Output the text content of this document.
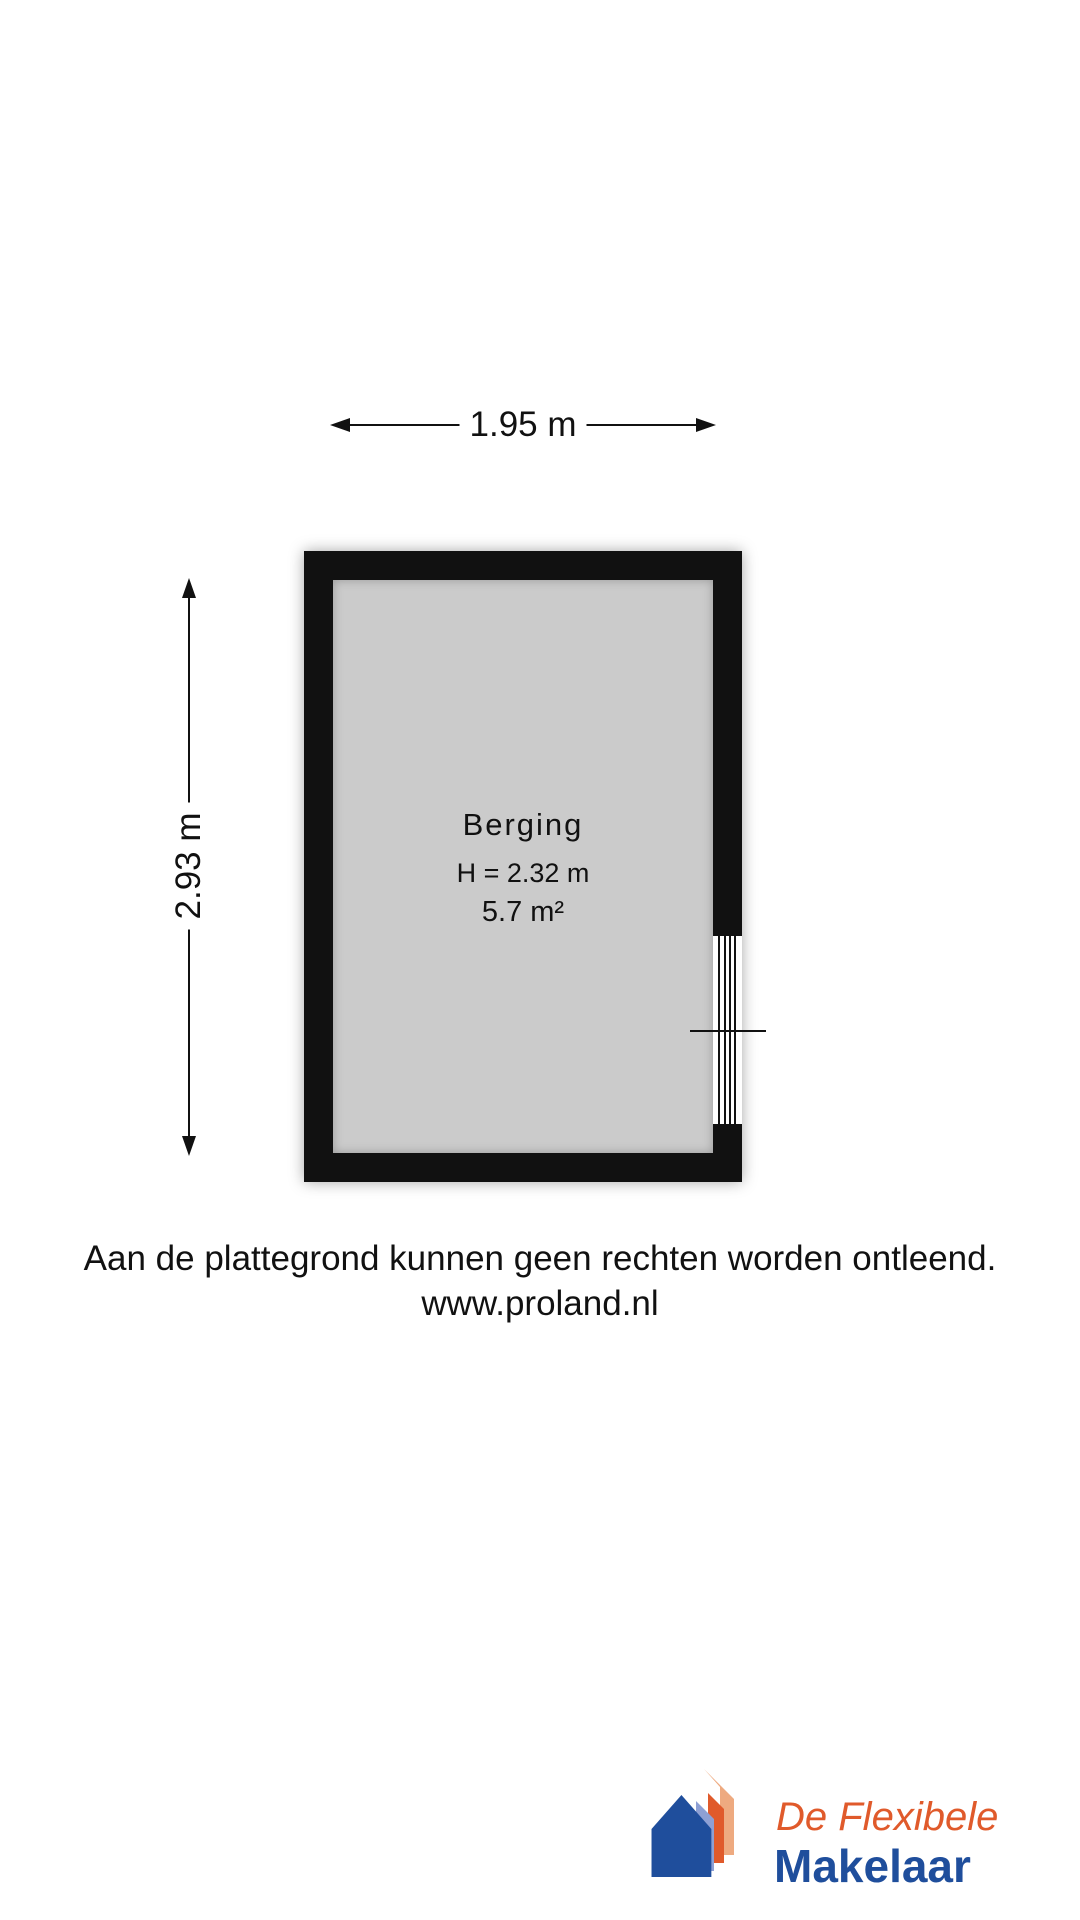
1.95 m
2.93 m	Berging
H = 2.32 m
5.7 m²
Aan de plattegrond kunnen geen rechten worden ontleend.
www.proland.nl
De Flexibele
Makelaar
